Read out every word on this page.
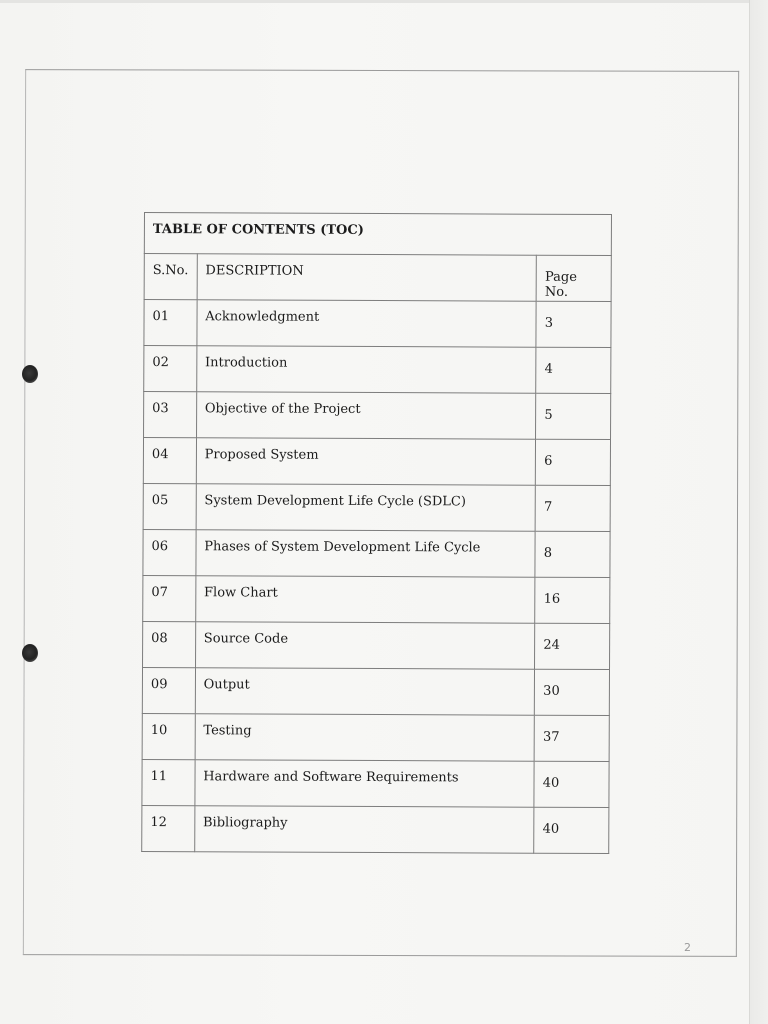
TABLE OF CONTENTS (TOC)		
S.No.	DESCRIPTION	Page No.
01	Acknowledgment	3
02	Introduction	4
03	Objective of the Project	5
04	Proposed System	6
05	System Development Life Cycle (SDLC)	7
06	Phases of System Development Life Cycle	8
07	Flow Chart	16
08	Source Code	24
09	Output	30
10	Testing	37
11	Hardware and Software Requirements	40
12	Bibliography	40
2
